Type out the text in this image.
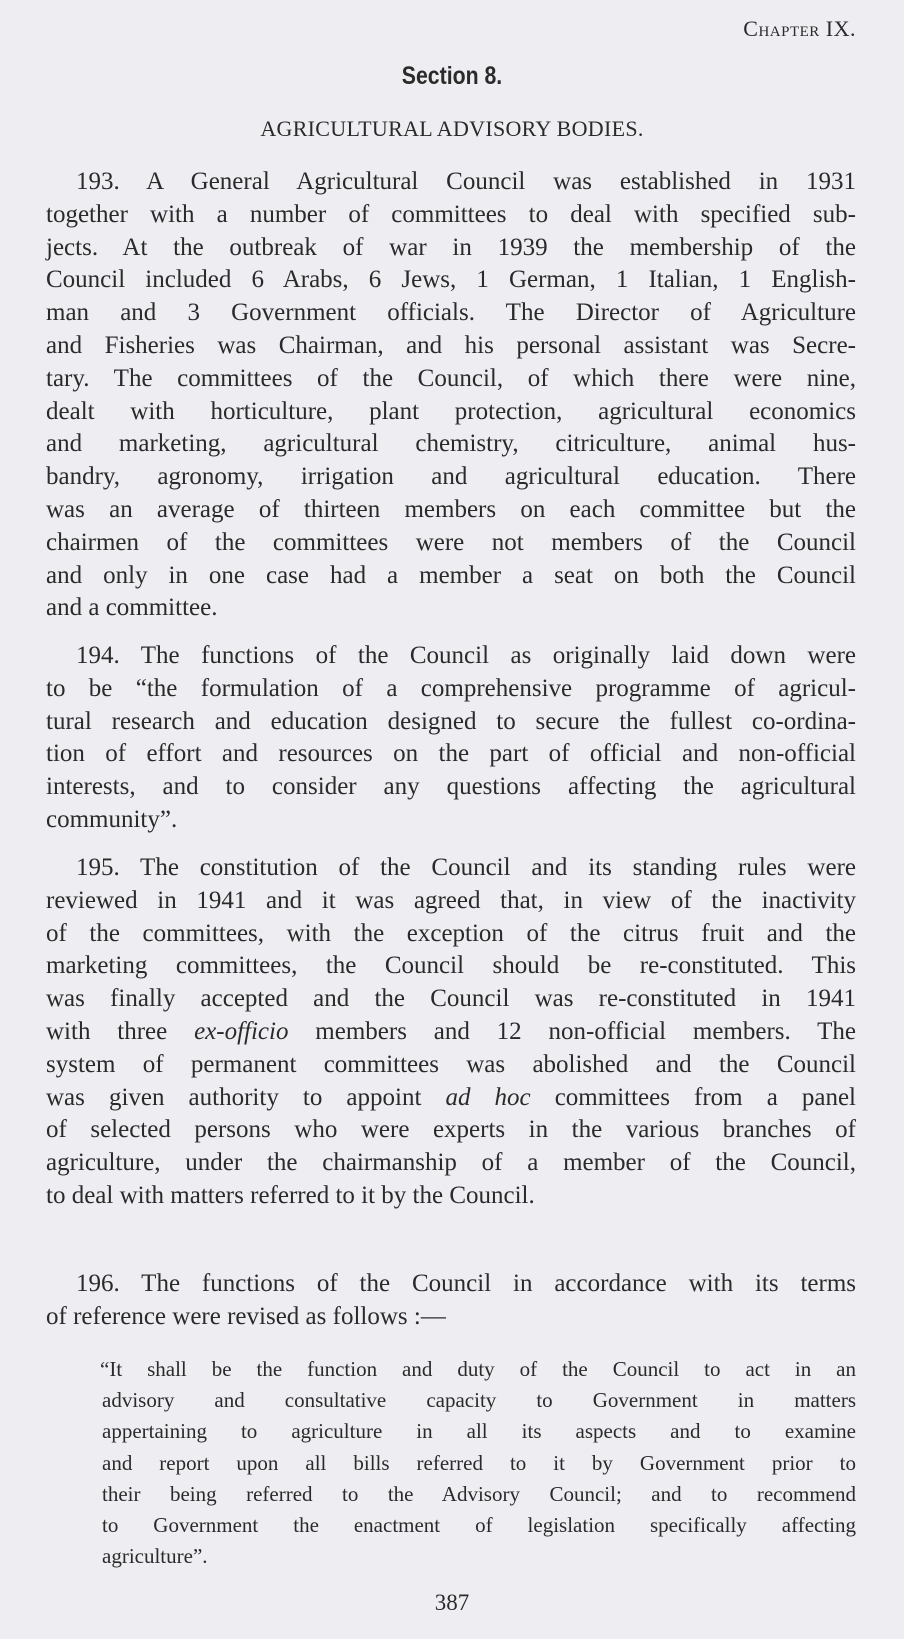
Chapter IX.
Section 8.
AGRICULTURAL ADVISORY BODIES.
193. A General Agricultural Council was established in 1931
together with a number of committees to deal with specified sub-
jects. At the outbreak of war in 1939 the membership of the
Council included 6 Arabs, 6 Jews, 1 German, 1 Italian, 1 English-
man and 3 Government officials. The Director of Agriculture
and Fisheries was Chairman, and his personal assistant was Secre-
tary. The committees of the Council, of which there were nine,
dealt with horticulture, plant protection, agricultural economics
and marketing, agricultural chemistry, citriculture, animal hus-
bandry, agronomy, irrigation and agricultural education. There
was an average of thirteen members on each committee but the
chairmen of the committees were not members of the Council
and only in one case had a member a seat on both the Council
and a committee.
194. The functions of the Council as originally laid down were
to be “the formulation of a comprehensive programme of agricul-
tural research and education designed to secure the fullest co-ordina-
tion of effort and resources on the part of official and non-official
interests, and to consider any questions affecting the agricultural
community”.
195. The constitution of the Council and its standing rules were
reviewed in 1941 and it was agreed that, in view of the inactivity
of the committees, with the exception of the citrus fruit and the
marketing committees, the Council should be re-constituted. This
was finally accepted and the Council was re-constituted in 1941
with three ex-officio members and 12 non-official members. The
system of permanent committees was abolished and the Council
was given authority to appoint ad hoc committees from a panel
of selected persons who were experts in the various branches of
agriculture, under the chairmanship of a member of the Council,
to deal with matters referred to it by the Council.
196. The functions of the Council in accordance with its terms
of reference were revised as follows :—
“It shall be the function and duty of the Council to act in an
advisory and consultative capacity to Government in matters
appertaining to agriculture in all its aspects and to examine
and report upon all bills referred to it by Government prior to
their being referred to the Advisory Council; and to recommend
to Government the enactment of legislation specifically affecting
agriculture”.
387
